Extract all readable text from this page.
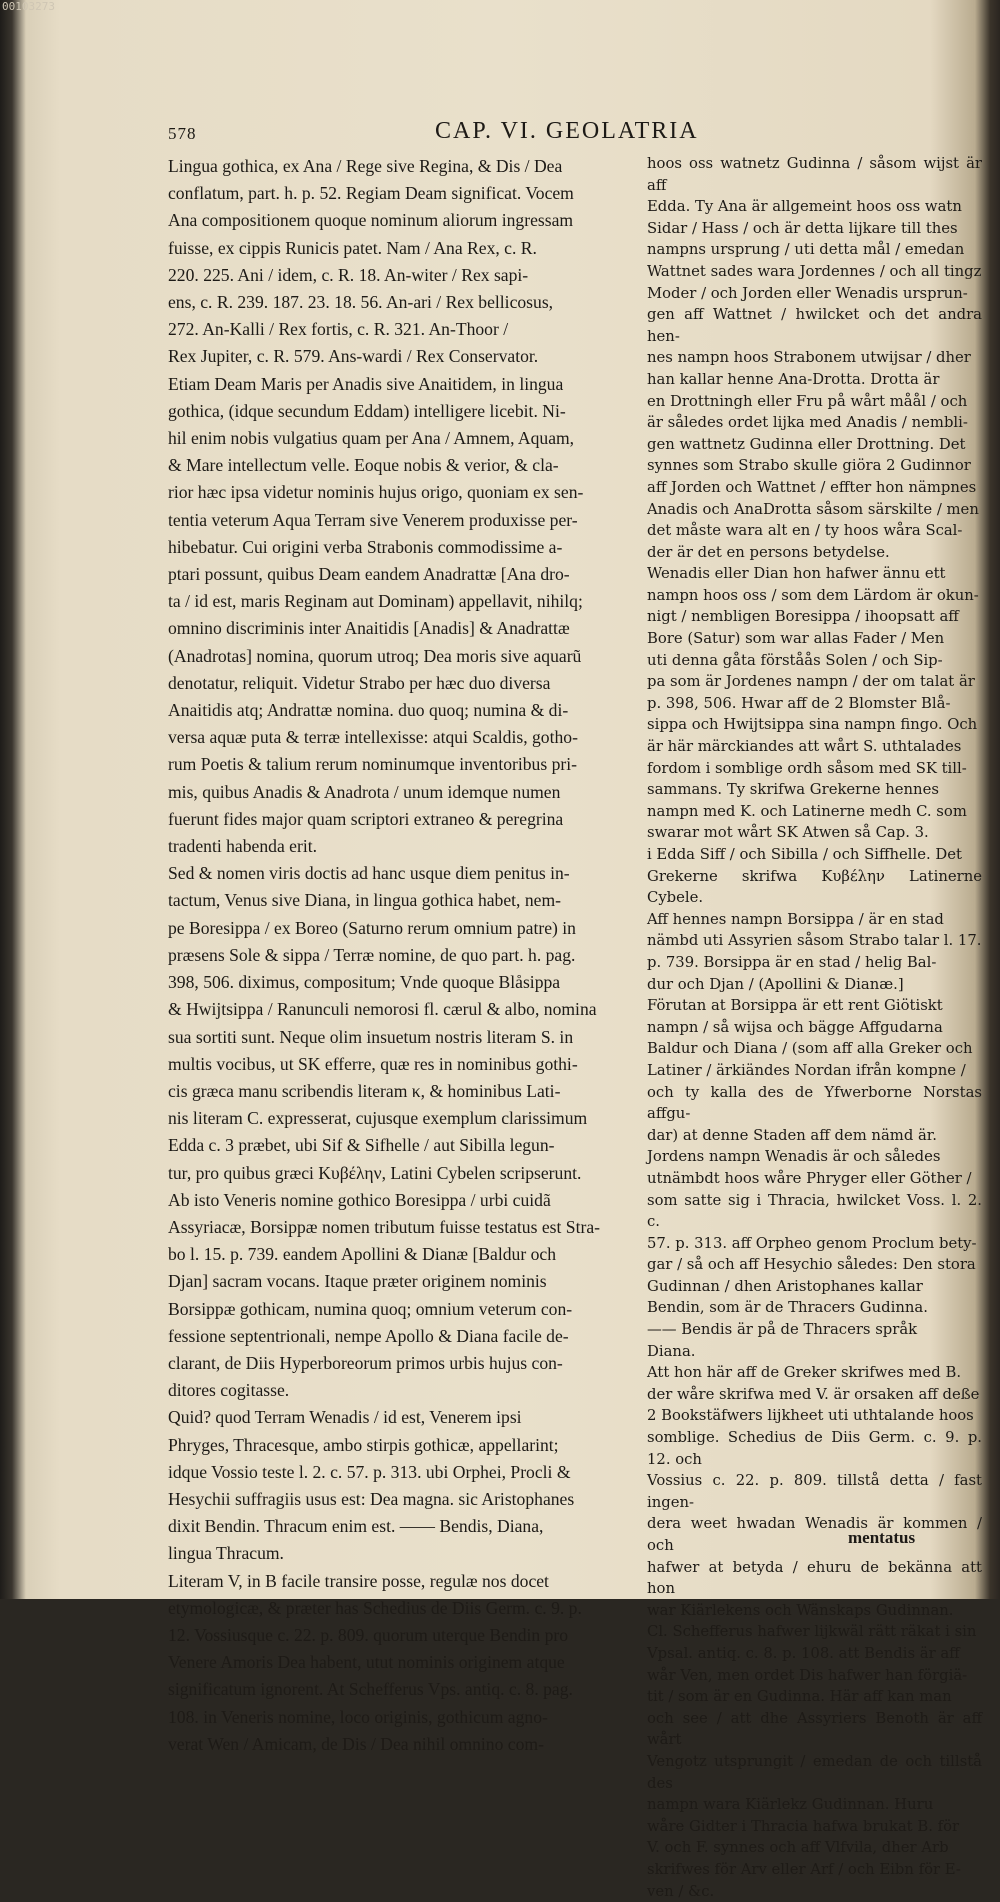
00103273
578	CAP. VI. GEOLATRIA
Lingua gothica, ex Ana / Rege sive Regina, & Dis / Dea
conflatum, part. h. p. 52. Regiam Deam significat. Vocem
Ana compositionem quoque nominum aliorum ingressam
fuisse, ex cippis Runicis patet. Nam / Ana Rex, c. R.
220. 225. Ani / idem, c. R. 18. An-witer / Rex sapi-
ens, c. R. 239. 187. 23. 18. 56. An-ari / Rex bellicosus,
272. An-Kalli / Rex fortis, c. R. 321. An-Thoor /
Rex Jupiter, c. R. 579. Ans-wardi / Rex Conservator.
Etiam Deam Maris per Anadis sive Anaitidem, in lingua
gothica, (idque secundum Eddam) intelligere licebit. Ni-
hil enim nobis vulgatius quam per Ana / Amnem, Aquam,
& Mare intellectum velle. Eoque nobis & verior, & cla-
rior hæc ipsa videtur nominis hujus origo, quoniam ex sen-
tentia veterum Aqua Terram sive Venerem produxisse per-
hibebatur. Cui origini verba Strabonis commodissime a-
ptari possunt, quibus Deam eandem Anadrattæ [Ana dro-
ta / id est, maris Reginam aut Dominam) appellavit, nihilq;
omnino discriminis inter Anaitidis [Anadis] & Anadrattæ
(Anadrotas] nomina, quorum utroq; Dea moris sive aquarũ
denotatur, reliquit. Videtur Strabo per hæc duo diversa
Anaitidis atq; Andrattæ nomina. duo quoq; numina & di-
versa aquæ puta & terræ intellexisse: atqui Scaldis, gotho-
rum Poetis & talium rerum nominumque inventoribus pri-
mis, quibus Anadis & Anadrota / unum idemque numen
fuerunt fides major quam scriptori extraneo & peregrina
tradenti habenda erit.
Sed & nomen viris doctis ad hanc usque diem penitus in-
tactum, Venus sive Diana, in lingua gothica habet, nem-
pe Boresippa / ex Boreo (Saturno rerum omnium patre) in
præsens Sole & sippa / Terræ nomine, de quo part. h. pag.
398, 506. diximus, compositum; Vnde quoque Blåsippa
& Hwijtsippa / Ranunculi nemorosi fl. cærul & albo, nomina
sua sortiti sunt. Neque olim insuetum nostris literam S. in
multis vocibus, ut SK efferre, quæ res in nominibus gothi-
cis græca manu scribendis literam κ, & hominibus Lati-
nis literam C. expresserat, cujusque exemplum clarissimum
Edda c. 3 præbet, ubi Sif & Sifhelle / aut Sibilla legun-
tur, pro quibus græci Κυβέλην, Latini Cybelen scripserunt.
Ab isto Veneris nomine gothico Boresippa / urbi cuidã
Assyriacæ, Borsippæ nomen tributum fuisse testatus est Stra-
bo l. 15. p. 739. eandem Apollini & Dianæ [Baldur och
Djan] sacram vocans. Itaque præter originem nominis
Borsippæ gothicam, numina quoq; omnium veterum con-
fessione septentrionali, nempe Apollo & Diana facile de-
clarant, de Diis Hyperboreorum primos urbis hujus con-
ditores cogitasse.
Quid? quod Terram Wenadis / id est, Venerem ipsi
Phryges, Thracesque, ambo stirpis gothicæ, appellarint;
idque Vossio teste l. 2. c. 57. p. 313. ubi Orphei, Procli &
Hesychii suffragiis usus est: Dea magna. sic Aristophanes
dixit Bendin. Thracum enim est. —— Bendis, Diana,
lingua Thracum.
Literam V, in B facile transire posse, regulæ nos docet
etymologicæ, & præter has Schedius de Diis Germ. c. 9. p.
12. Vossiusque c. 22. p. 809. quorum uterque Bendin pro
Venere Amoris Dea habent, utut nominis originem atque
significatum ignorent. At Schefferus Vps. antiq. c. 8. pag.
108. in Veneris nomine, loco originis, gothicum agno-
verat Wen / Amicam, de Dis / Dea nihil omnino com-
hoos oss watnetz Gudinna / såsom wijst är aff
Edda. Ty Ana är allgemeint hoos oss watn
Sidar / Hass / och är detta lijkare till thes
nampns ursprung / uti detta mål / emedan
Wattnet sades wara Jordennes / och all tingz
Moder / och Jorden eller Wenadis ursprun-
gen aff Wattnet / hwilcket och det andra hen-
nes nampn hoos Strabonem utwijsar / dher
han kallar henne Ana-Drotta. Drotta är
en Drottningh eller Fru på wårt måål / och
är således ordet lijka med Anadis / nembli-
gen wattnetz Gudinna eller Drottning. Det
synnes som Strabo skulle giöra 2 Gudinnor
aff Jorden och Wattnet / effter hon nämpnes
Anadis och AnaDrotta såsom särskilte / men
det måste wara alt en / ty hoos wåra Scal-
der är det en persons betydelse.
Wenadis eller Dian hon hafwer ännu ett
nampn hoos oss / som dem Lärdom är okun-
nigt / nembligen Boresippa / ihoopsatt aff
Bore (Satur) som war allas Fader / Men
uti denna gåta förståås Solen / och Sip-
pa som är Jordenes nampn / der om talat är
p. 398, 506. Hwar aff de 2 Blomster Blå-
sippa och Hwijtsippa sina nampn fingo. Och
är här märckiandes att wårt S. uthtalades
fordom i somblige ordh såsom med SK till-
sammans. Ty skrifwa Grekerne hennes
nampn med K. och Latinerne medh C. som
swarar mot wårt SK Atwen så Cap. 3.
i Edda Siff / och Sibilla / och Siffhelle. Det
Grekerne skrifwa Κυβέλην Latinerne Cybele.
Aff hennes nampn Borsippa / är en stad
nämbd uti Assyrien såsom Strabo talar l. 17.
p. 739. Borsippa är en stad / helig Bal-
dur och Djan / (Apollini & Dianæ.]
Förutan at Borsippa är ett rent Giötiskt
nampn / så wijsa och bägge Affgudarna
Baldur och Diana / (som aff alla Greker och
Latiner / ärkiändes Nordan ifrån kompne /
och ty kalla des de Yfwerborne Norstas affgu-
dar) at denne Staden aff dem nämd är.
Jordens nampn Wenadis är och således
utnämbdt hoos wåre Phryger eller Göther /
som satte sig i Thracia, hwilcket Voss. l. 2. c.
57. p. 313. aff Orpheo genom Proclum bety-
gar / så och aff Hesychio således: Den stora
Gudinnan / dhen Aristophanes kallar
Bendin, som är de Thracers Gudinna.
—— Bendis är på de Thracers språk
Diana.
Att hon här aff de Greker skrifwes med B.
der wåre skrifwa med V. är orsaken aff deße
2 Bookstäfwers lijkheet uti uthtalande hoos
somblige. Schedius de Diis Germ. c. 9. p. 12. och
Vossius c. 22. p. 809. tillstå detta / fast ingen-
dera weet hwadan Wenadis är kommen / och
hafwer at betyda / ehuru de bekänna att hon
war Kiärlekens och Wänskaps Gudinnan.
Cl. Schefferus hafwer lijkwäl rätt räkat i sin
Vpsal. antiq. c. 8. p. 108. att Bendis är aff
wår Ven, men ordet Dis hafwer han förgiä-
tit / som är en Gudinna. Här aff kan man
och see / att dhe Assyriers Benoth är aff wårt
Vengotz utsprungit / emedan de och tillstå des
nampn wara Kiärlekz Gudinnan. Huru
wåre Gidter i Thracia hafwa brukat B. för
V. och F. synnes och aff Vlfvila, dher Arb
skrifwes för Arv eller Arf / och Eibn för E-
ven / &c.
mentatus
